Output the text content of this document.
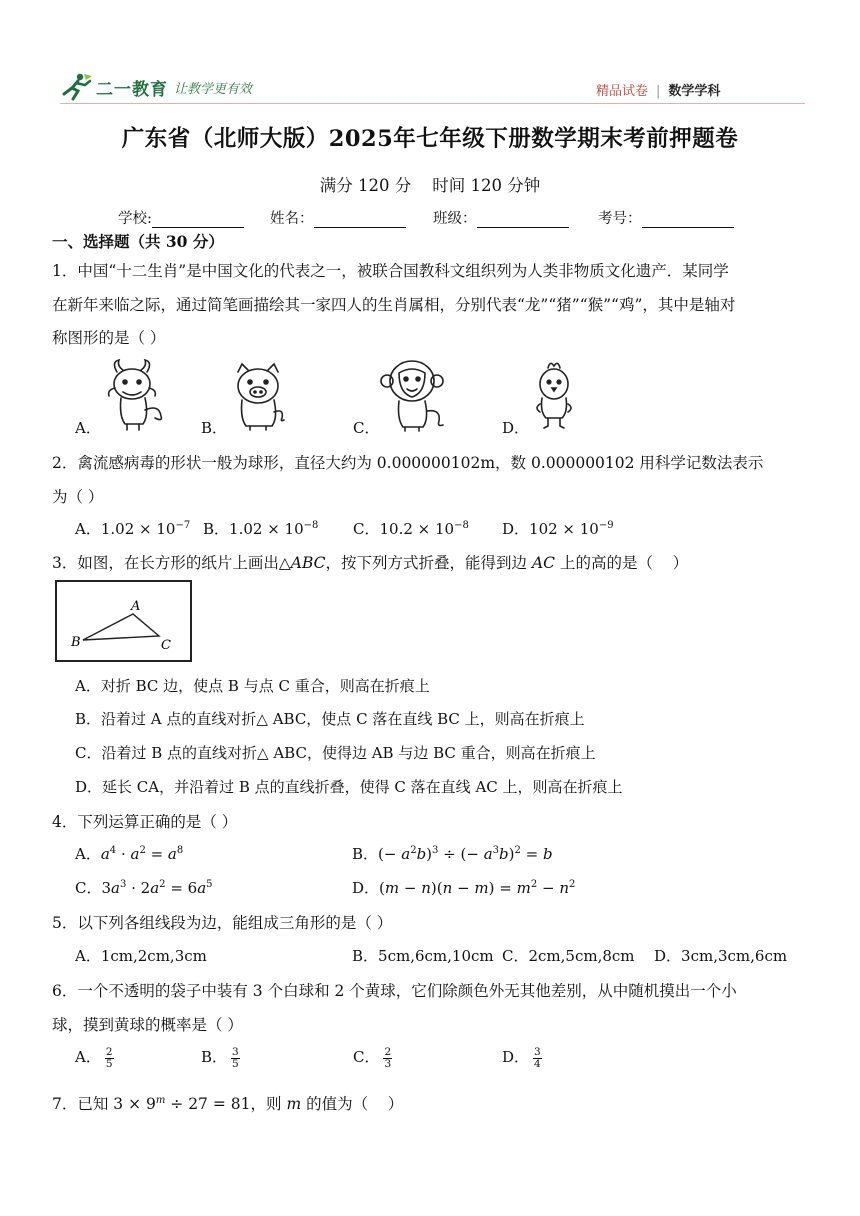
二一教育 让教学更有效	精品试卷 | 数学学科
广东省（北师大版）2025年七年级下册数学期末考前押题卷
满分 120 分    时间 120 分钟
学校:	姓名：	班级：	考号：
一、选择题（共 30 分）
1．中国“十二生肖”是中国文化的代表之一，被联合国教科文组织列为人类非物质文化遗产．某同学
在新年来临之际，通过简笔画描绘其一家四人的生肖属相，分别代表“龙”“猪”“猴”“鸡”，其中是轴对
称图形的是（ ）
A．	B．	C．	D．
2．禽流感病毒的形状一般为球形，直径大约为 0.000000102m，数 0.000000102 用科学记数法表示
为（ ）
A．$1.02 \times 10^{-7}$ B．$1.02 \times 10^{-8}$ C．$10.2 \times 10^{-8}$ D．$102 \times 10^{-9}$
3．如图，在长方形的纸片上画出△ABC，按下列方式折叠，能得到边 AC 上的高的是（    ）
A
B	C
A．对折 BC 边，使点 B 与点 C 重合，则高在折痕上
B．沿着过 A 点的直线对折△ ABC，使点 C 落在直线 BC 上，则高在折痕上
C．沿着过 B 点的直线对折△ ABC，使得边 AB 与边 BC 重合，则高在折痕上
D．延长 CA，并沿着过 B 点的直线折叠，使得 C 落在直线 AC 上，则高在折痕上
4．下列运算正确的是（ ）
A．$a^4 \cdot a^2 = a^8$	B．(− $a^2b)^3$ ÷ (− $a^3b)^2 = b$
C．$3a^3 \cdot 2a^2 = 6a^5$	D．$(m - n)(n - m) = m^2 - n^2$
5．以下列各组线段为边，能组成三角形的是（ ）
A．1cm,2cm,3cm	B．5cm,6cm,10cm C．2cm,5cm,8cm D．3cm,3cm,6cm
6．一个不透明的袋子中装有 3 个白球和 2 个黄球，它们除颜色外无其他差别，从中随机摸出一个小
球，摸到黄球的概率是（ ）
A． $\frac{2}{5}$	B． $\frac{3}{5}$	C． $\frac{2}{3}$	D． $\frac{3}{4}$
7．已知 $3 \times 9^m \div 27 = 81$，则 m 的值为（    ）
